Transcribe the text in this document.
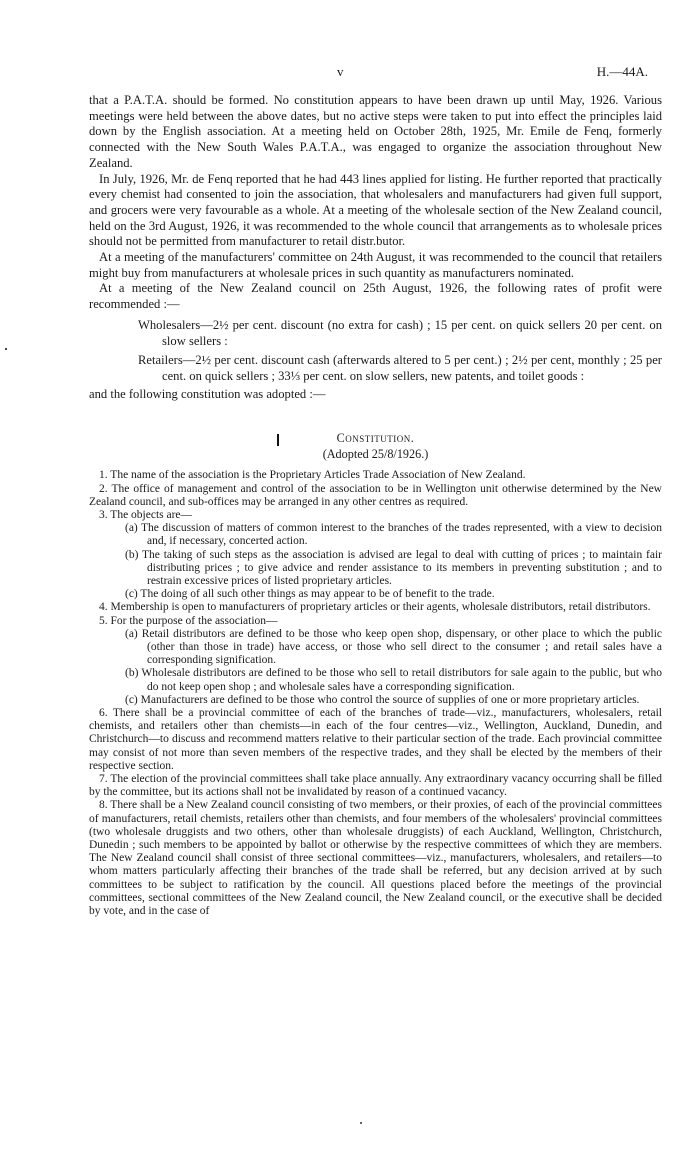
v	H.—44A.

that a P.A.T.A. should be formed. No constitution appears to have been drawn up until May, 1926. Various meetings were held between the above dates, but no active steps were taken to put into effect the principles laid down by the English association. At a meeting held on October 28th, 1925, Mr. Emile de Fenq, formerly connected with the New South Wales P.A.T.A., was engaged to organize the association throughout New Zealand.

In July, 1926, Mr. de Fenq reported that he had 443 lines applied for listing. He further reported that practically every chemist had consented to join the association, that wholesalers and manufacturers had given full support, and grocers were very favourable as a whole. At a meeting of the wholesale section of the New Zealand council, held on the 3rd August, 1926, it was recommended to the whole council that arrangements as to wholesale prices should not be permitted from manufacturer to retail distr.butor.

At a meeting of the manufacturers' committee on 24th August, it was recommended to the council that retailers might buy from manufacturers at wholesale prices in such quantity as manufacturers nominated.

At a meeting of the New Zealand council on 25th August, 1926, the following rates of profit were recommended :—

Wholesalers—2½ per cent. discount (no extra for cash) ; 15 per cent. on quick sellers 20 per cent. on slow sellers :

Retailers—2½ per cent. discount cash (afterwards altered to 5 per cent.) ; 2½ per cent, monthly ; 25 per cent. on quick sellers ; 33⅓ per cent. on slow sellers, new patents, and toilet goods :

and the following constitution was adopted :—

Constitution.
(Adopted 25/8/1926.)

1. The name of the association is the Proprietary Articles Trade Association of New Zealand.

2. The office of management and control of the association to be in Wellington unit otherwise determined by the New Zealand council, and sub-offices may be arranged in any other centres as required.

3. The objects are—

(a) The discussion of matters of common interest to the branches of the trades represented, with a view to decision and, if necessary, concerted action.

(b) The taking of such steps as the association is advised are legal to deal with cutting of prices ; to maintain fair distributing prices ; to give advice and render assistance to its members in preventing substitution ; and to restrain excessive prices of listed proprietary articles.

(c) The doing of all such other things as may appear to be of benefit to the trade.

4. Membership is open to manufacturers of proprietary articles or their agents, wholesale distributors, retail distributors.

5. For the purpose of the association—

(a) Retail distributors are defined to be those who keep open shop, dispensary, or other place to which the public (other than those in trade) have access, or those who sell direct to the consumer ; and retail sales have a corresponding signification.

(b) Wholesale distributors are defined to be those who sell to retail distributors for sale again to the public, but who do not keep open shop ; and wholesale sales have a corresponding signification.

(c) Manufacturers are defined to be those who control the source of supplies of one or more proprietary articles.

6. There shall be a provincial committee of each of the branches of trade—viz., manufacturers, wholesalers, retail chemists, and retailers other than chemists—in each of the four centres—viz., Wellington, Auckland, Dunedin, and Christchurch—to discuss and recommend matters relative to their particular section of the trade. Each provincial committee may consist of not more than seven members of the respective trades, and they shall be elected by the members of their respective section.

7. The election of the provincial committees shall take place annually. Any extraordinary vacancy occurring shall be filled by the committee, but its actions shall not be invalidated by reason of a continued vacancy.

8. There shall be a New Zealand council consisting of two members, or their proxies, of each of the provincial committees of manufacturers, retail chemists, retailers other than chemists, and four members of the wholesalers' provincial committees (two wholesale druggists and two others, other than wholesale druggists) of each Auckland, Wellington, Christchurch, Dunedin ; such members to be appointed by ballot or otherwise by the respective committees of which they are members. The New Zealand council shall consist of three sectional committees—viz., manufacturers, wholesalers, and retailers—to whom matters particularly affecting their branches of the trade shall be referred, but any decision arrived at by such committees to be subject to ratification by the council. All questions placed before the meetings of the provincial committees, sectional committees of the New Zealand council, the New Zealand council, or the executive shall be decided by vote, and in the case of
